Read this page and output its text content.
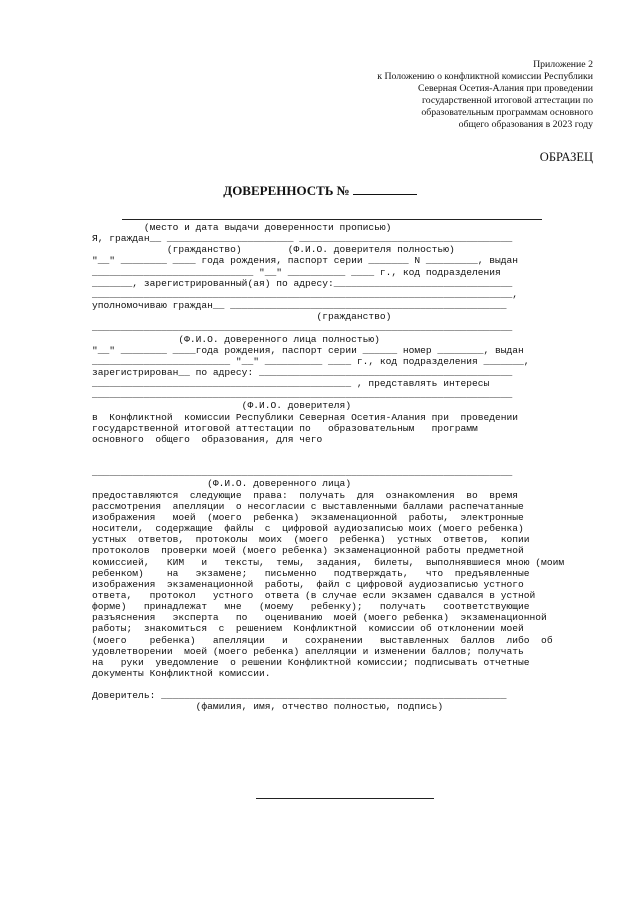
Приложение 2
к Положению о конфликтной комиссии Республики
Северная Осетия-Алания при проведении
государственной итоговой аттестации по
образовательным программам основного
общего образования в 2023 году
ОБРАЗЕЦ
ДОВЕРЕННОСТЬ №
(место и дата выдачи доверенности прописью)
Я, граждан__ ______________________ _____________________________________
(гражданство)        (Ф.И.О. доверителя полностью)
"__" ________ ____ года рождения, паспорт серии _______ N _________, выдан
____________________________ "__" __________ ____ г., код подразделения
_______, зарегистрированный(ая) по адресу:_______________________________
_________________________________________________________________________,
уполномочиваю граждан__ ________________________________________________
(гражданство)
_________________________________________________________________________
(Ф.И.О. доверенного лица полностью)
"__" ________ ____года рождения, паспорт серии ______ номер ________, выдан
________________________ "__" __________ ____ г., код подразделения _______,
зарегистрирован__ по адресу: ____________________________________________
_____________________________________________ , представлять интересы
_________________________________________________________________________
(Ф.И.О. доверителя)
в  Конфликтной  комиссии Республики Северная Осетия-Алания при  проведении
государственной итоговой аттестации по   образовательным   программ
основного  общего  образования, для чего
_________________________________________________________________________
(Ф.И.О. доверенного лица)
предоставляются  следующие  права:  получать  для  ознакомления  во  время
рассмотрения  апелляции  о несогласии с выставленными баллами распечатанные
изображения   моей  (моего  ребенка)  экзаменационной  работы,  электронные
носители,  содержащие  файлы  с  цифровой аудиозаписью моих (моего ребенка)
устных  ответов,  протоколы  моих  (моего  ребенка)  устных  ответов,  копии
протоколов  проверки моей (моего ребенка) экзаменационной работы предметной
комиссией,   КИМ   и   тексты,  темы,  задания,  билеты,  выполнявшиеся мною (моим
ребенком)    на   экзамене;   письменно   подтверждать,   что  предъявленные
изображения  экзаменационной  работы,  файл с цифровой аудиозаписью устного
ответа,   протокол   устного  ответа (в случае если экзамен сдавался в устной
форме)   принадлежат   мне   (моему   ребенку);   получать   соответствующие
разъяснения   эксперта   по   оцениванию  моей (моего ребенка)  экзаменационной
работы;  знакомиться  с  решением  Конфликтной  комиссии об отклонении моей
(моего    ребенка)   апелляции   и   сохранении   выставленных  баллов  либо  об
удовлетворении  моей (моего ребенка) апелляции и изменении баллов; получать
на   руки  уведомление  о решении Конфликтной комиссии; подписывать отчетные
документы Конфликтной комиссии.
Доверитель: ____________________________________________________________
(фамилия, имя, отчество полностью, подпись)
